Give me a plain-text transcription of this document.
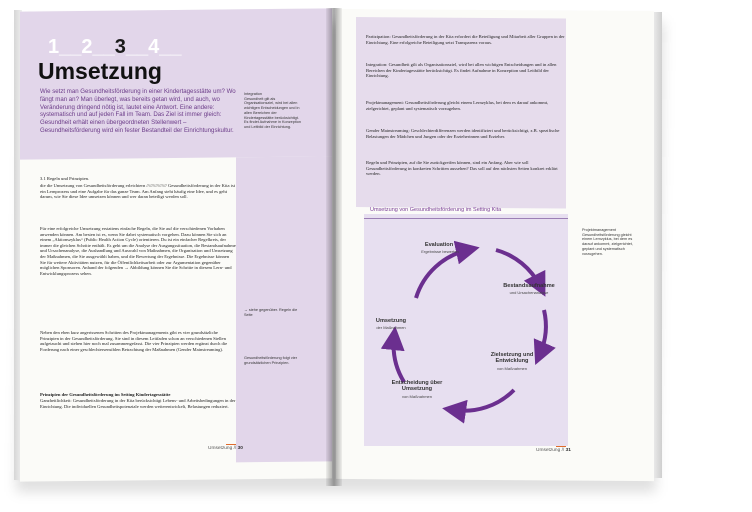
1__2__3__4__
Umsetzung
Wie setzt man Gesundheitsförderung in einer Kindertagesstätte um? Wo fängt man an? Man überlegt, was bereits getan wird, und auch, wo Veränderung dringend nötig ist, lautet eine Antwort. Eine andere: systematisch und auf jeden Fall im Team. Das Ziel ist immer gleich: Gesundheit erhält einen übergeordneten Stellenwert – Gesundheitsförderung wird ein fester Bestandteil der Einrichtungskultur.
Integration
Gesundheit gilt als Organisationsziel, wird bei allen wichtigen Entscheidungen und in allen Bereichen der Kindertagesstätte berücksichtigt. Es findet Aufnahme in Konzeption und Leitbild der Einrichtung.
3.1 Regeln und Prinzipien.
die die Umsetzung von Gesundheitsförderung erleichtern //////////////// Gesundheitsförderung in der Kita ist ein Lernprozess und eine Aufgabe für das ganze Team. Am Anfang steht häufig eine Idee, und es geht darum, wie Sie diese Idee umsetzen können und wer daran beteiligt werden soll.
Für eine erfolgreiche Umsetzung erstattens einfache Regeln, die Sie auf die verschiedenen Vorhaben anwenden können. Am besten ist es, wenn Sie dabei systematisch vorgehen. Dazu können Sie sich an einem „Aktionszyklus“ (Public Health Action Cycle) orientieren. Du ist ein einfacher Regelkreis, der immer die gleichen Schritte enthält. Es geht um die Analyse der Ausgangssituation, die Bestandsaufnahme und Ursachenanalyse, die Aushandlung und Auswahl von Maßnahmen, die Organisation und Umsetzung der Maßnahmen, die Sie ausgewählt haben, und die Bewertung der Ergebnisse. Die Ergebnisse können Sie für weitere Aktivitäten nutzen, für die Öffentlichkeitsarbeit oder zur Argumentation gegenüber möglichen Sponsoren. Anhand der folgenden → Abbildung können Sie die Schritte in diesem Lern- und Entwicklungsprozess sehen.
→ siehe gegenüber. Regeln die Seite
Neben den eben kurz angerissenen Schritten des Projektmanagements gibt es vier grundsätzliche Prinzipien in der Gesundheitsförderung. Sie sind in diesem Leitfaden schon an verschiedenen Stellen aufgetaucht und stehen hier noch mal zusammengefasst. Die vier Prinzipien werden ergänzt durch die Forderung nach einer geschlechtersensiblen Betrachtung der Maßnahmen (Gender Mainstreaming).
Gesundheitsförderung folgt vier grundsätzlichen Prinzipien.
Prinzipien der Gesundheitsförderung im Setting Kindertagesstätte
Ganzheitlichkeit: Gesundheitsförderung in der Kita berücksichtigt Lebens- und Arbeitsbedingungen in der Einrichtung. Die individuellen Gesundheitspotenziale werden weiterentwickelt, Belastungen reduziert.
Umsetzung // 30
Partizipation: Gesundheitsförderung in der Kita erfordert die Beteiligung und Mitarbeit aller Gruppen in der Einrichtung. Eine erfolgreiche Beteiligung setzt Transparenz voraus.
Integration: Gesundheit gilt als Organisationsziel, wird bei allen wichtigen Entscheidungen und in allen Bereichen der Kindertagesstätte berücksichtigt. Es findet Aufnahme in Konzeption und Leitbild der Einrichtung.
Projektmanagement: Gesundheitsförderung gleicht einem Lernzyklus, bei dem es darauf ankommt, zielgerichtet, geplant und systematisch vorzugehen.
Gender Mainstreaming: Geschlechterdifferenzen werden identifiziert und berücksichtigt, z.B. spezifische Belastungen der Mädchen und Jungen oder der Erzieherinnen und Erzieher.
Regeln und Prinzipien, auf die Sie zurückgreifen können, sind ein Anfang. Aber wie soll Gesundheitsförderung in konkreten Schritten aussehen? Das soll auf den nächsten Seiten konkret erklärt werden.
Umsetzung von Gesundheitsförderung im Setting Kita
Evaluation
Ergebnisse bewerten
Bestandsaufnahme
und Ursachenanalyse
Zielsetzung und Entwicklung
von Maßnahmen
Entscheidung über Umsetzung
von Maßnahmen
Umsetzung
der Maßnahmen
Projektmanagement
Gesundheitsförderung gleicht einem Lernzyklus, bei dem es darauf ankommt, zielgerichtet, geplant und systematisch vorzugehen.
Umsetzung // 31
